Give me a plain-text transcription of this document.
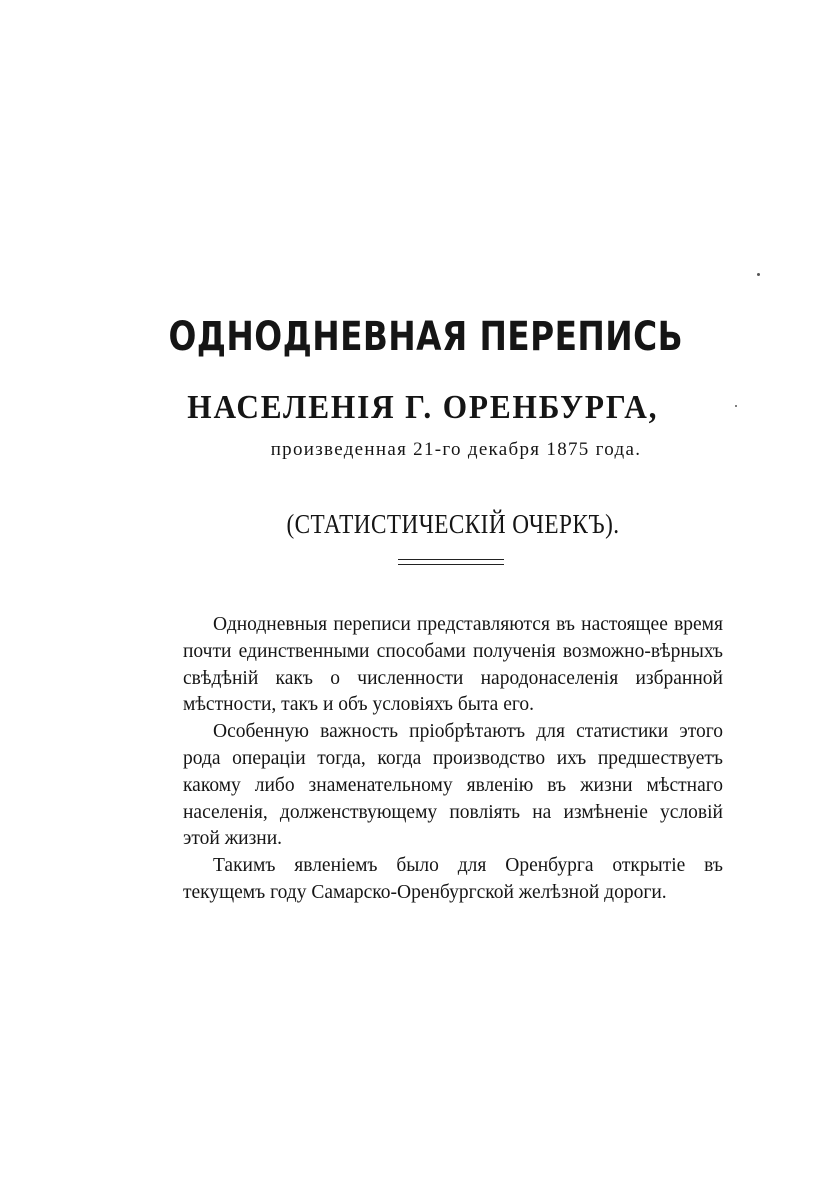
ОДНОДНЕВНАЯ ПЕРЕПИСЬ
НАСЕЛЕНІЯ Г. ОРЕНБУРГА,
произведенная 21-го декабря 1875 года.
(СТАТИСТИЧЕСКІЙ ОЧЕРКЪ).

Однодневныя переписи представляются въ настоящее время почти единственными способами полученія возможно-вѣрныхъ свѣдѣній какъ о численности народонаселенія избранной мѣстности, такъ и объ условіяхъ быта его.

Особенную важность пріобрѣтаютъ для статистики этого рода операціи тогда, когда производство ихъ предшествуетъ какому либо знаменательному явленію въ жизни мѣстнаго населенія, долженствующему повліять на измѣненіе условій этой жизни.

Такимъ явленіемъ было для Оренбурга открытіе въ текущемъ году Самарско-Оренбургской желѣзной дороги.
